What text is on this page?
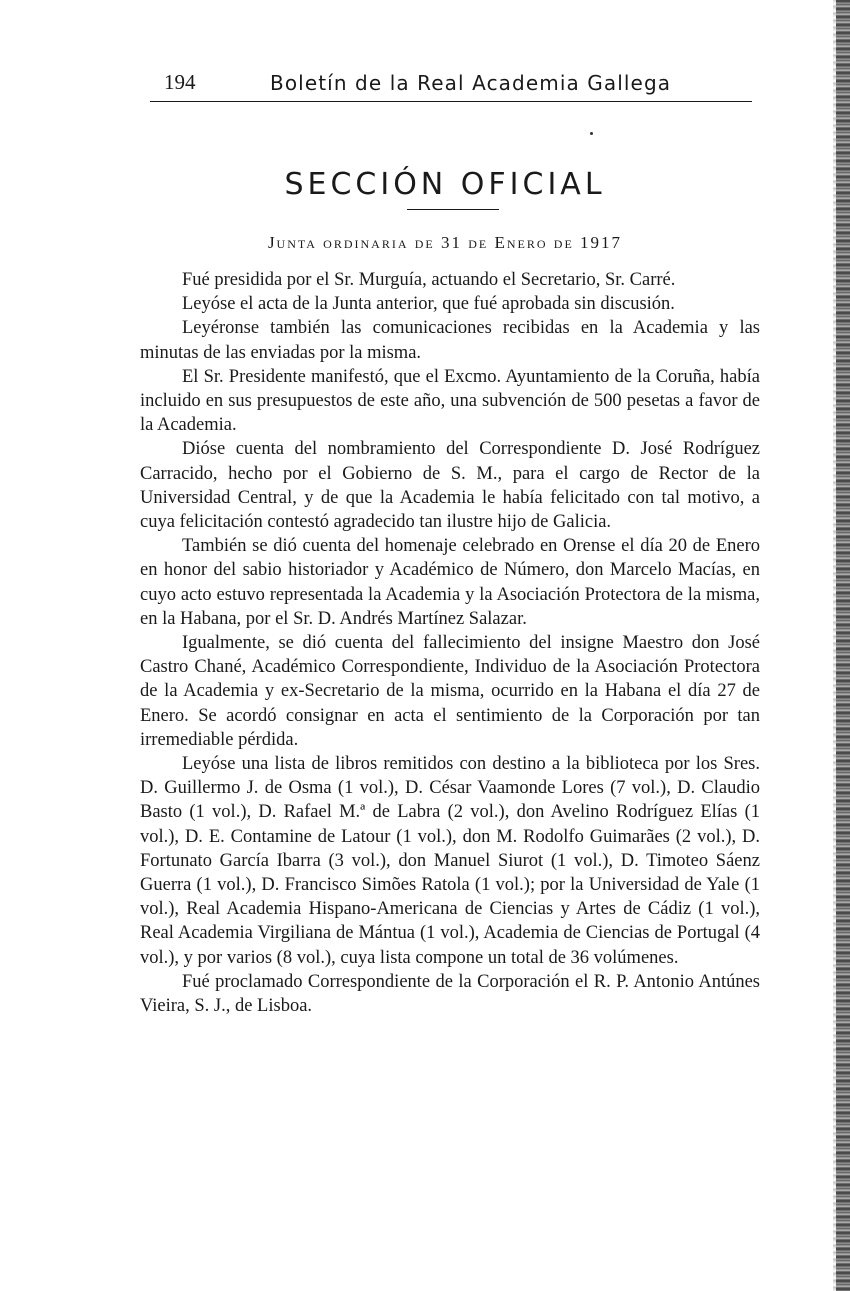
194	Boletín de la Real Academia Gallega
SECCIÓN OFICIAL
Junta ordinaria de 31 de Enero de 1917

Fué presidida por el Sr. Murguía, actuando el Secretario, Sr. Carré.

Leyóse el acta de la Junta anterior, que fué aprobada sin discusión.

Leyéronse también las comunicaciones recibidas en la Academia y las minutas de las enviadas por la misma.

El Sr. Presidente manifestó, que el Excmo. Ayuntamiento de la Coruña, había incluido en sus presupuestos de este año, una subvención de 500 pesetas a favor de la Academia.

Dióse cuenta del nombramiento del Correspondiente D. José Rodríguez Carracido, hecho por el Gobierno de S. M., para el cargo de Rector de la Universidad Central, y de que la Academia le había felicitado con tal motivo, a cuya felicitación contestó agradecido tan ilustre hijo de Galicia.

También se dió cuenta del homenaje celebrado en Orense el día 20 de Enero en honor del sabio historiador y Académico de Número, don Marcelo Macías, en cuyo acto estuvo representada la Academia y la Asociación Protectora de la misma, en la Habana, por el Sr. D. Andrés Martínez Salazar.

Igualmente, se dió cuenta del fallecimiento del insigne Maestro don José Castro Chané, Académico Correspondiente, Individuo de la Asociación Protectora de la Academia y ex-Secretario de la misma, ocurrido en la Habana el día 27 de Enero. Se acordó consignar en acta el sentimiento de la Corporación por tan irremediable pérdida.

Leyóse una lista de libros remitidos con destino a la biblioteca por los Sres. D. Guillermo J. de Osma (1 vol.), D. César Vaamonde Lores (7 vol.), D. Claudio Basto (1 vol.), D. Rafael M.ª de Labra (2 vol.), don Avelino Rodríguez Elías (1 vol.), D. E. Contamine de Latour (1 vol.), don M. Rodolfo Guimarães (2 vol.), D. Fortunato García Ibarra (3 vol.), don Manuel Siurot (1 vol.), D. Timoteo Sáenz Guerra (1 vol.), D. Francisco Simões Ratola (1 vol.); por la Universidad de Yale (1 vol.), Real Academia Hispano-Americana de Ciencias y Artes de Cádiz (1 vol.), Real Academia Virgiliana de Mántua (1 vol.), Academia de Ciencias de Portugal (4 vol.), y por varios (8 vol.), cuya lista compone un total de 36 volúmenes.

Fué proclamado Correspondiente de la Corporación el R. P. Antonio Antúnes Vieira, S. J., de Lisboa.
